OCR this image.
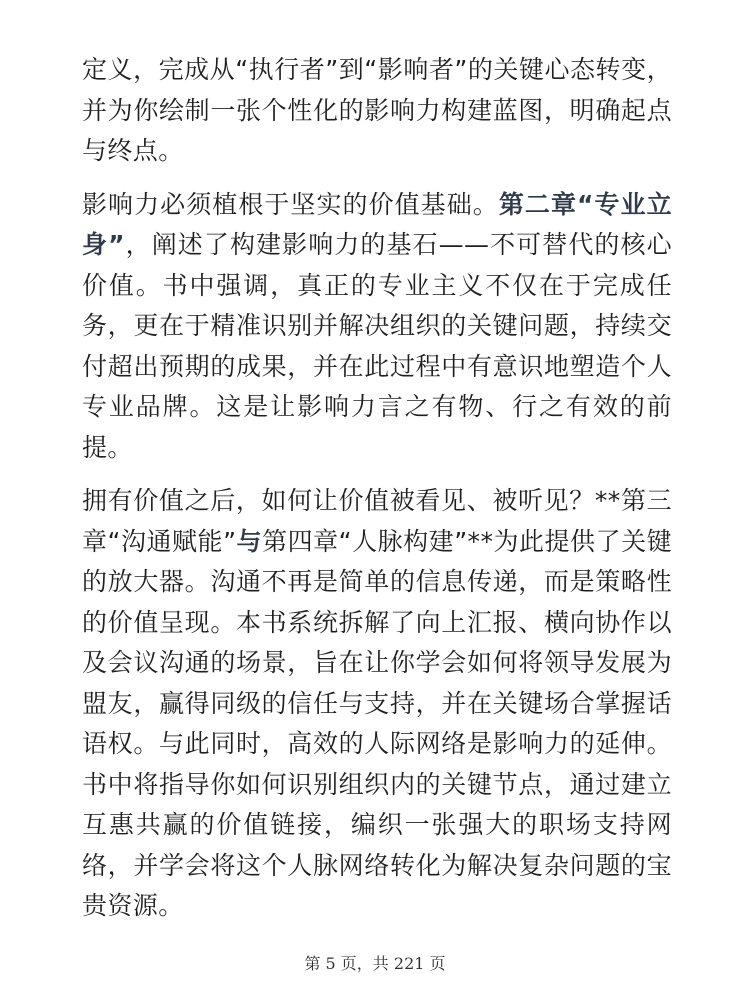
定义，完成从“执行者”到“影响者”的关键心态转变，并为你绘制一张个性化的影响力构建蓝图，明确起点与终点。

影响力必须植根于坚实的价值基础。第二章“专业立身”，阐述了构建影响力的基石——不可替代的核心价值。书中强调，真正的专业主义不仅在于完成任务，更在于精准识别并解决组织的关键问题，持续交付超出预期的成果，并在此过程中有意识地塑造个人专业品牌。这是让影响力言之有物、行之有效的前提。

拥有价值之后，如何让价值被看见、被听见？**第三章“沟通赋能”与第四章“人脉构建”**为此提供了关键的放大器。沟通不再是简单的信息传递，而是策略性的价值呈现。本书系统拆解了向上汇报、横向协作以及会议沟通的场景，旨在让你学会如何将领导发展为盟友，赢得同级的信任与支持，并在关键场合掌握话语权。与此同时，高效的人际网络是影响力的延伸。书中将指导你如何识别组织内的关键节点，通过建立互惠共赢的价值链接，编织一张强大的职场支持网络，并学会将这个人脉网络转化为解决复杂问题的宝贵资源。

第 5 页，共 221 页
